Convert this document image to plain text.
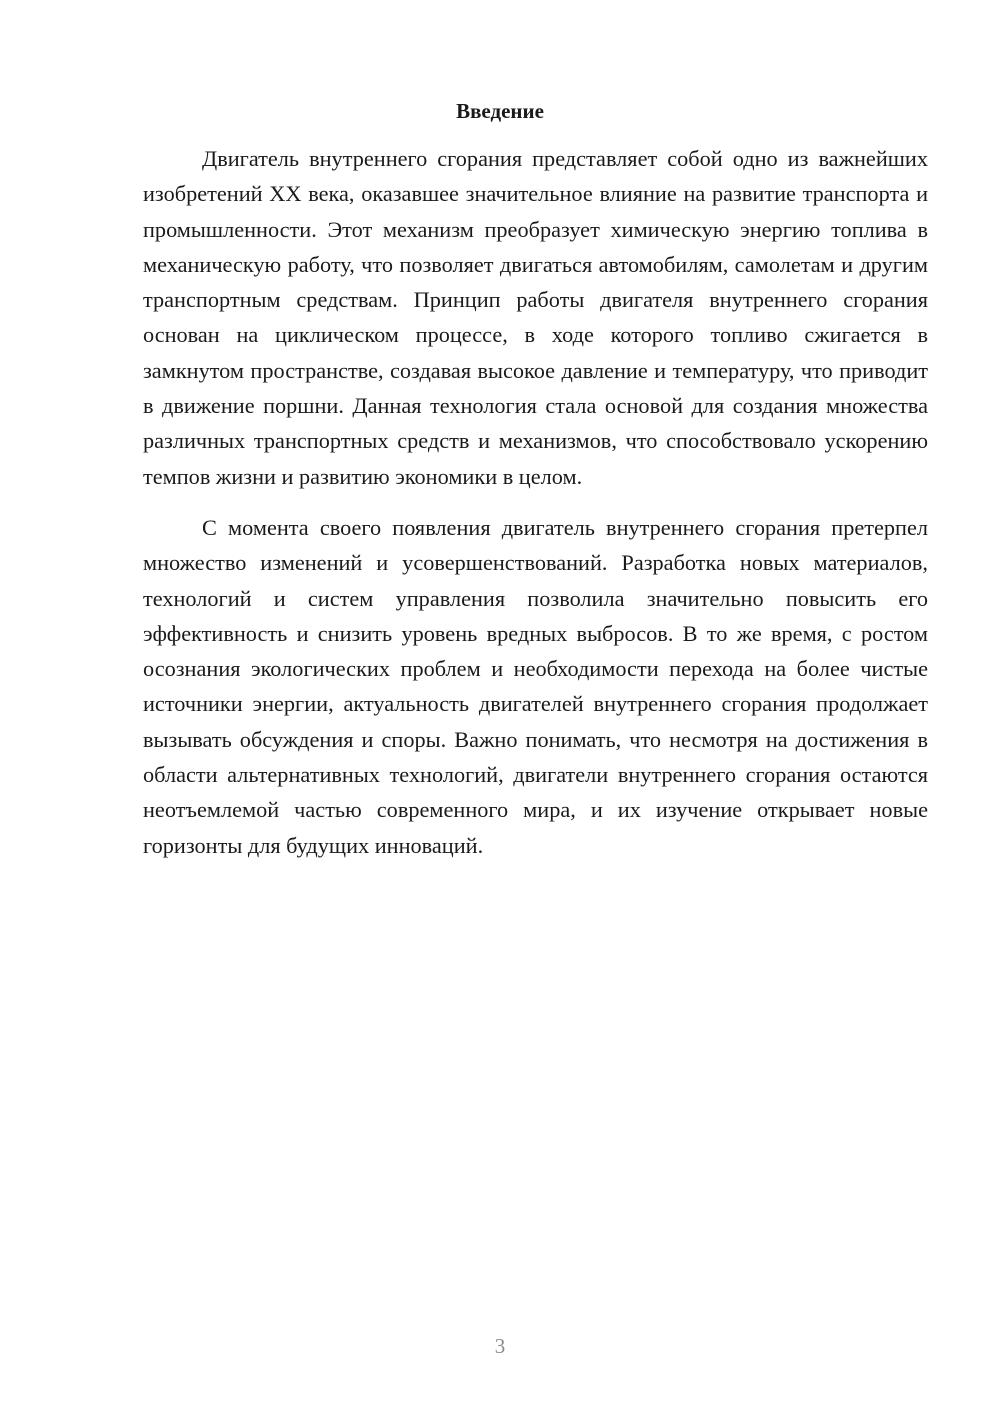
Введение

Двигатель внутреннего сгорания представляет собой одно из важнейших изобретений XX века, оказавшее значительное влияние на развитие транспорта и промышленности. Этот механизм преобразует химическую энергию топлива в механическую работу, что позволяет двигаться автомобилям, самолетам и другим транспортным средствам. Принцип работы двигателя внутреннего сгорания основан на циклическом процессе, в ходе которого топливо сжигается в замкнутом пространстве, создавая высокое давление и температуру, что приводит в движение поршни. Данная технология стала основой для создания множества различных транспортных средств и механизмов, что способствовало ускорению темпов жизни и развитию экономики в целом.

С момента своего появления двигатель внутреннего сгорания претерпел множество изменений и усовершенствований. Разработка новых материалов, технологий и систем управления позволила значительно повысить его эффективность и снизить уровень вредных выбросов. В то же время, с ростом осознания экологических проблем и необходимости перехода на более чистые источники энергии, актуальность двигателей внутреннего сгорания продолжает вызывать обсуждения и споры. Важно понимать, что несмотря на достижения в области альтернативных технологий, двигатели внутреннего сгорания остаются неотъемлемой частью современного мира, и их изучение открывает новые горизонты для будущих инноваций.

3
